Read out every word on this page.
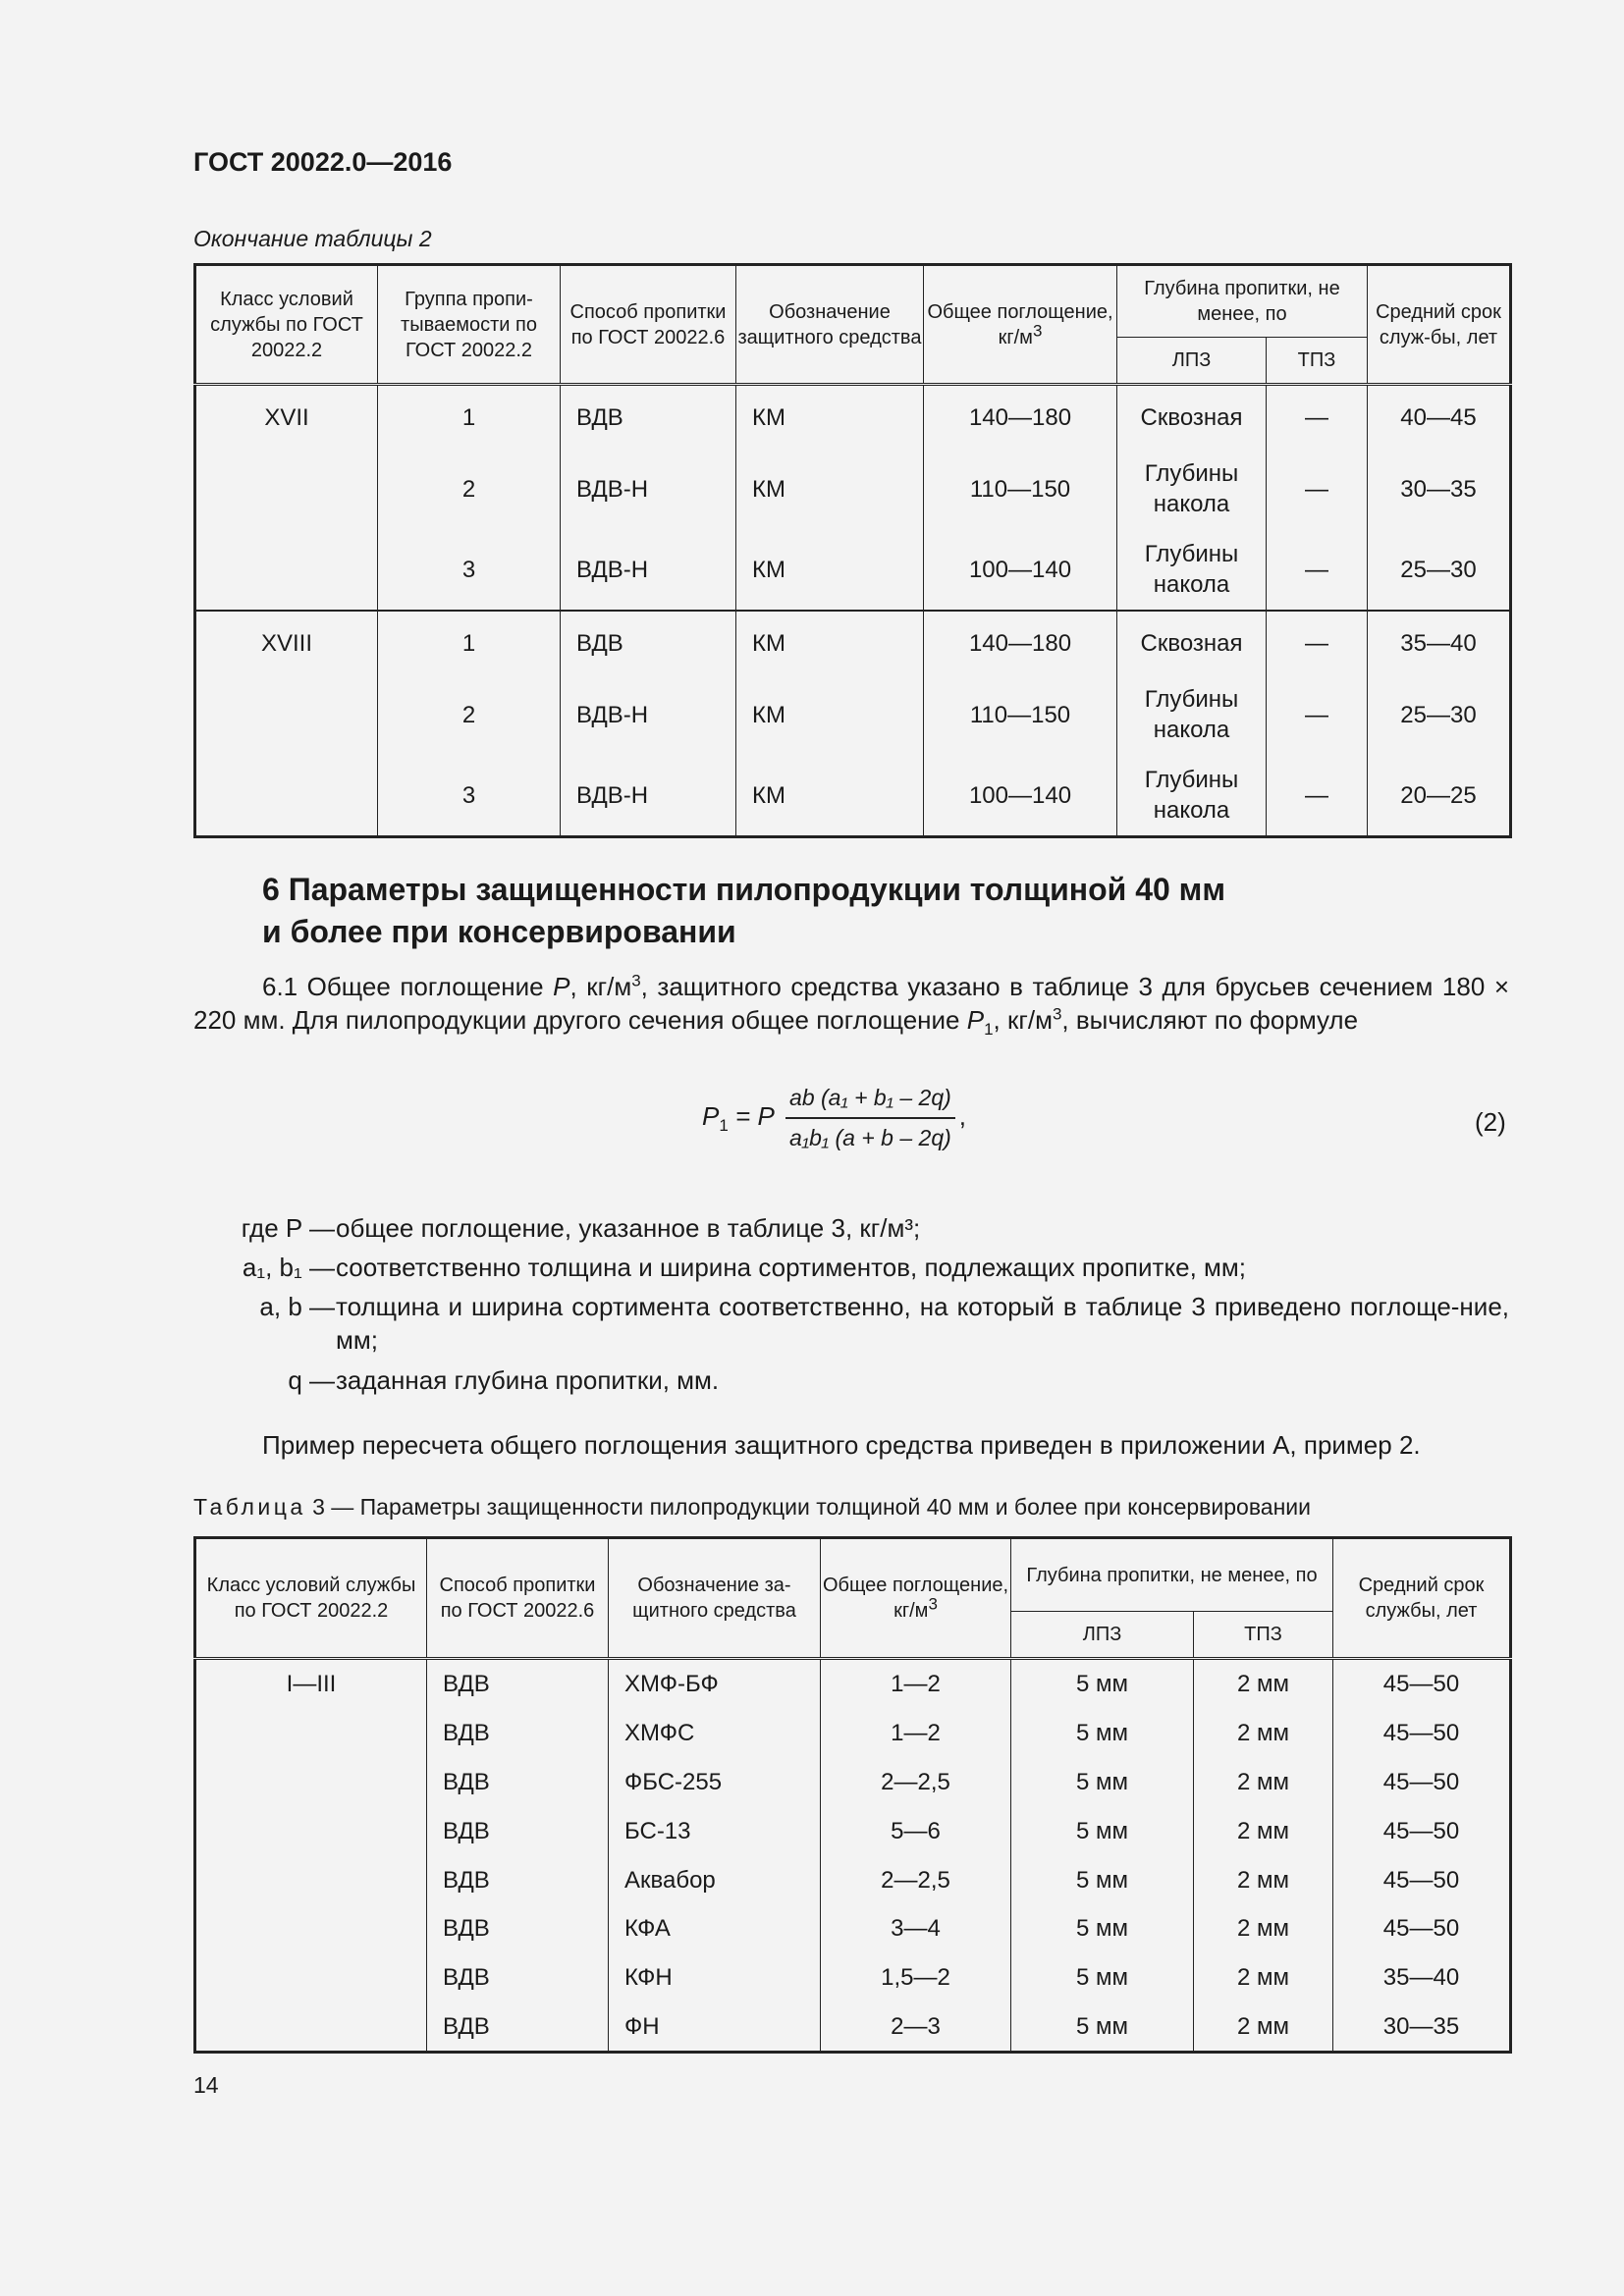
ГОСТ 20022.0—2016
Окончание таблицы 2
Класс условий службы по ГОСТ 20022.2	Группа пропи-тываемости по ГОСТ 20022.2	Способ пропитки по ГОСТ 20022.6	Обозначение защитного средства	Общее поглощение, $кг/м^3$	Глубина пропитки, не менее, по		Средний срок служ-бы, лет
					ЛПЗ	ТПЗ	
XVII	1	ВДВ	КМ	140—180	Сквозная	—	40—45
	2	ВДВ-Н	КМ	110—150	Глубины накола	—	30—35
	3	ВДВ-Н	КМ	100—140	Глубины накола	—	25—30
XVIII	1	ВДВ	КМ	140—180	Сквозная	—	35—40
	2	ВДВ-Н	КМ	110—150	Глубины накола	—	25—30
	3	ВДВ-Н	КМ	100—140	Глубины накола	—	20—25
6 Параметры защищенности пилопродукции толщиной 40 мм
и более при консервировании
6.1 Общее поглощение P, $кг/м^3$, защитного средства указано в таблице 3 для брусьев сечением 180 × 220 мм. Для пилопродукции другого сечения общее поглощение $P_1$, $кг/м^3$, вычисляют по формуле
$P_1 = P \frac{\text{ab (a₁ + b₁ – 2q)}}{\text{a₁b₁ (a + b – 2q)}}$ ,	(2)
где P — общее поглощение, указанное в таблице 3, кг/м³;
a₁, b₁ — соответственно толщина и ширина сортиментов, подлежащих пропитке, мм;
a, b — толщина и ширина сортимента соответственно, на который в таблице 3 приведено поглоще-ние, мм;
q — заданная глубина пропитки, мм.
Пример пересчета общего поглощения защитного средства приведен в приложении А, пример 2.
Таблица 3 — Параметры защищенности пилопродукции толщиной 40 мм и более при консервировании
Класс условий службы по ГОСТ 20022.2	Способ пропитки по ГОСТ 20022.6	Обозначение за-щитного средства	Общее поглощение, $кг/м^3$	Глубина пропитки, не менее, по		Средний срок службы, лет
				ЛПЗ	ТПЗ	
I—III	ВДВ	ХМФ-БФ	1—2	5 мм	2 мм	45—50
	ВДВ	ХМФС	1—2	5 мм	2 мм	45—50
	ВДВ	ФБС-255	2—2,5	5 мм	2 мм	45—50
	ВДВ	БС-13	5—6	5 мм	2 мм	45—50
	ВДВ	Аквабор	2—2,5	5 мм	2 мм	45—50
	ВДВ	КФА	3—4	5 мм	2 мм	45—50
	ВДВ	КФН	1,5—2	5 мм	2 мм	35—40
	ВДВ	ФН	2—3	5 мм	2 мм	30—35
14
